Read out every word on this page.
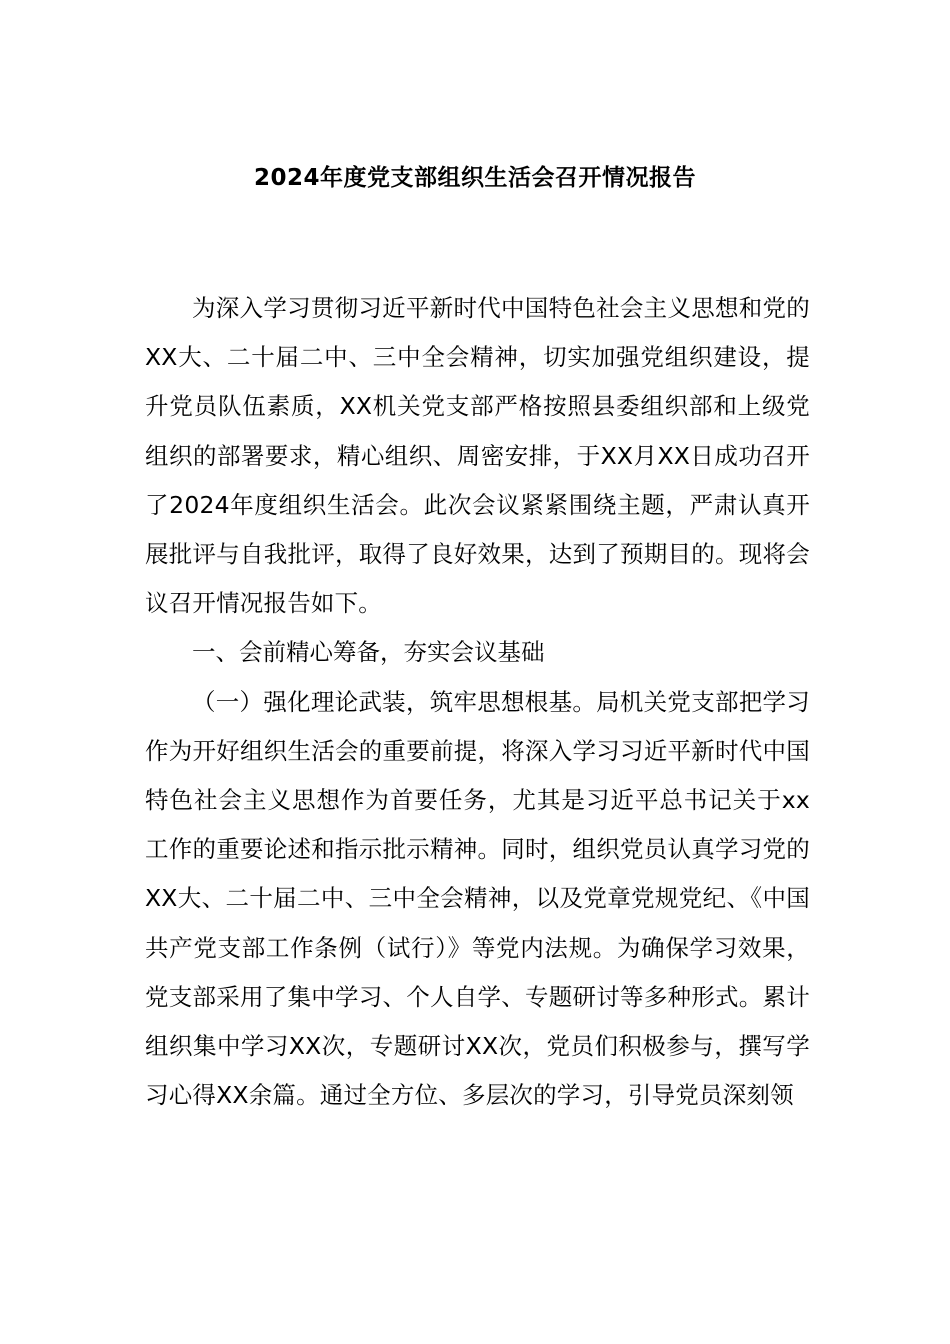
2024年度党支部组织生活会召开情况报告

为深入学习贯彻习近平新时代中国特色社会主义思想和党的XX大、二十届二中、三中全会精神，切实加强党组织建设，提升党员队伍素质，XX机关党支部严格按照县委组织部和上级党组织的部署要求，精心组织、周密安排，于XX月XX日成功召开了2024年度组织生活会。此次会议紧紧围绕主题，严肃认真开展批评与自我批评，取得了良好效果，达到了预期目的。现将会议召开情况报告如下。

一、会前精心筹备，夯实会议基础

（一）强化理论武装，筑牢思想根基。局机关党支部把学习作为开好组织生活会的重要前提，将深入学习习近平新时代中国特色社会主义思想作为首要任务，尤其是习近平总书记关于xx工作的重要论述和指示批示精神。同时，组织党员认真学习党的XX大、二十届二中、三中全会精神，以及党章党规党纪、《中国共产党支部工作条例（试行）》等党内法规。为确保学习效果，党支部采用了集中学习、个人自学、专题研讨等多种形式。累计组织集中学习XX次，专题研讨XX次，党员们积极参与，撰写学习心得XX余篇。通过全方位、多层次的学习，引导党员深刻领
